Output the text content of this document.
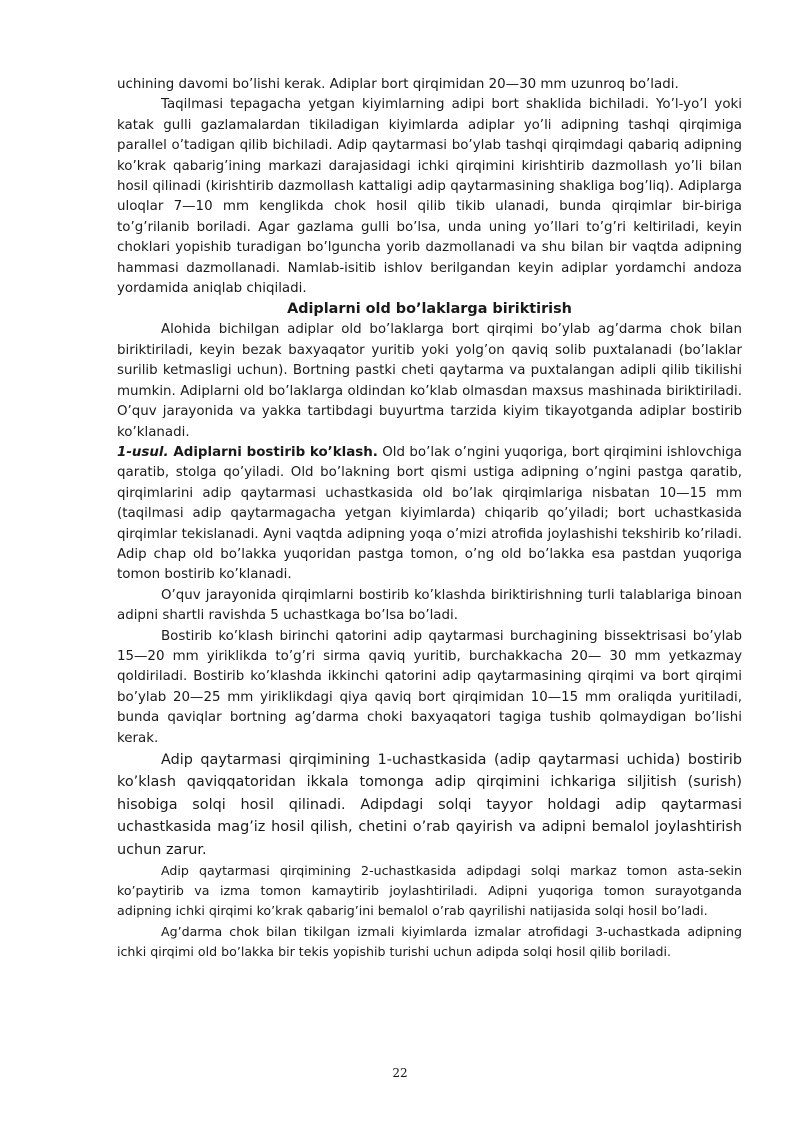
uchining davomi bo’lishi kerak. Adiplar bort qirqimidan 20—30 mm uzunroq bo’ladi.

Taqilmasi tepagacha yetgan kiyimlarning adipi bort shaklida bichiladi. Yo’l-yo’l yoki katak gulli gazlamalardan tikiladigan kiyimlarda adiplar yo’li adipning tashqi qirqimiga parallel o’tadigan qilib bichiladi. Adip qaytarmasi bo’ylab tashqi qirqimdagi qabariq adipning ko’krak qabarig’ining markazi darajasidagi ichki qirqimini kirishtirib dazmollash yo’li bilan hosil qilinadi (kirishtirib dazmollash kattaligi adip qaytarmasining shakliga bog’liq). Adiplarga uloqlar 7—10 mm kenglikda chok hosil qilib tikib ulanadi, bunda qirqimlar bir-biriga to’g’rilanib boriladi. Agar gazlama gulli bo’lsa, unda uning yo’llari to’g’ri keltiriladi, keyin choklari yopishib turadigan bo’lguncha yorib dazmollanadi va shu bilan bir vaqtda adipning hammasi dazmollanadi. Namlab-isitib ishlov berilgandan keyin adiplar yordamchi andoza yordamida aniqlab chiqiladi.

Adiplarni old bo’laklarga biriktirish

Alohida bichilgan adiplar old bo’laklarga bort qirqimi bo’ylab ag’darma chok bilan biriktiriladi, keyin bezak baxyaqator yuritib yoki yolg’on qaviq solib puxtalanadi (bo’laklar surilib ketmasligi uchun). Bortning pastki cheti qaytarma va puxtalangan adipli qilib tikilishi mumkin. Adiplarni old bo’laklarga oldindan ko’klab olmasdan maxsus mashinada biriktiriladi. O’quv jarayonida va yakka tartibdagi buyurtma tarzida kiyim tikayotganda adiplar bostirib ko’klanadi.

1-usul. Adiplarni bostirib ko’klash. Old bo’lak o’ngini yuqoriga, bort qirqimini ishlovchiga qaratib, stolga qo’yiladi. Old bo’lakning bort qismi ustiga adipning o’ngini pastga qaratib, qirqimlarini adip qaytarmasi uchastkasida old bo’lak qirqimlariga nisbatan 10—15 mm (taqilmasi adip qaytarmagacha yetgan kiyimlarda) chiqarib qo’yiladi; bort uchastkasida qirqimlar tekislanadi. Ayni vaqtda adipning yoqa o’mizi atrofida joylashishi tekshirib ko’riladi. Adip chap old bo’lakka yuqoridan pastga tomon, o’ng old bo’lakka esa pastdan yuqoriga tomon bostirib ko’klanadi.

O’quv jarayonida qirqimlarni bostirib ko’klashda biriktirishning turli talablariga binoan adipni shartli ravishda 5 uchastkaga bo’lsa bo’ladi.

Bostirib ko’klash birinchi qatorini adip qaytarmasi burchagining bissektrisasi bo’ylab 15—20 mm yiriklikda to’g’ri sirma qaviq yuritib, burchakkacha 20— 30 mm yetkazmay qoldiriladi. Bostirib ko’klashda ikkinchi qatorini adip qaytarmasining qirqimi va bort qirqimi bo’ylab 20—25 mm yiriklikdagi qiya qaviq bort qirqimidan 10—15 mm oraliqda yuritiladi, bunda qaviqlar bortning ag’darma choki baxyaqatori tagiga tushib qolmaydigan bo’lishi kerak.

Adip qaytarmasi qirqimining 1-uchastkasida (adip qaytarmasi uchida) bostirib ko’klash qaviqqatoridan ikkala tomonga adip qirqimini ichkariga siljitish (surish) hisobiga solqi hosil qilinadi. Adipdagi solqi tayyor holdagi adip qaytarmasi uchastkasida mag’iz hosil qilish, chetini o’rab qayirish va adipni bemalol joylashtirish uchun zarur.

Adip qaytarmasi qirqimining 2-uchastkasida adipdagi solqi markaz tomon asta-sekin ko’paytirib va izma tomon kamaytirib joylashtiriladi. Adipni yuqoriga tomon surayotganda adipning ichki qirqimi ko’krak qabarig’ini bemalol o’rab qayrilishi natijasida solqi hosil bo’ladi.

Ag’darma chok bilan tikilgan izmali kiyimlarda izmalar atrofidagi 3-uchastkada adipning ichki qirqimi old bo’lakka bir tekis yopishib turishi uchun adipda solqi hosil qilib boriladi.

22
